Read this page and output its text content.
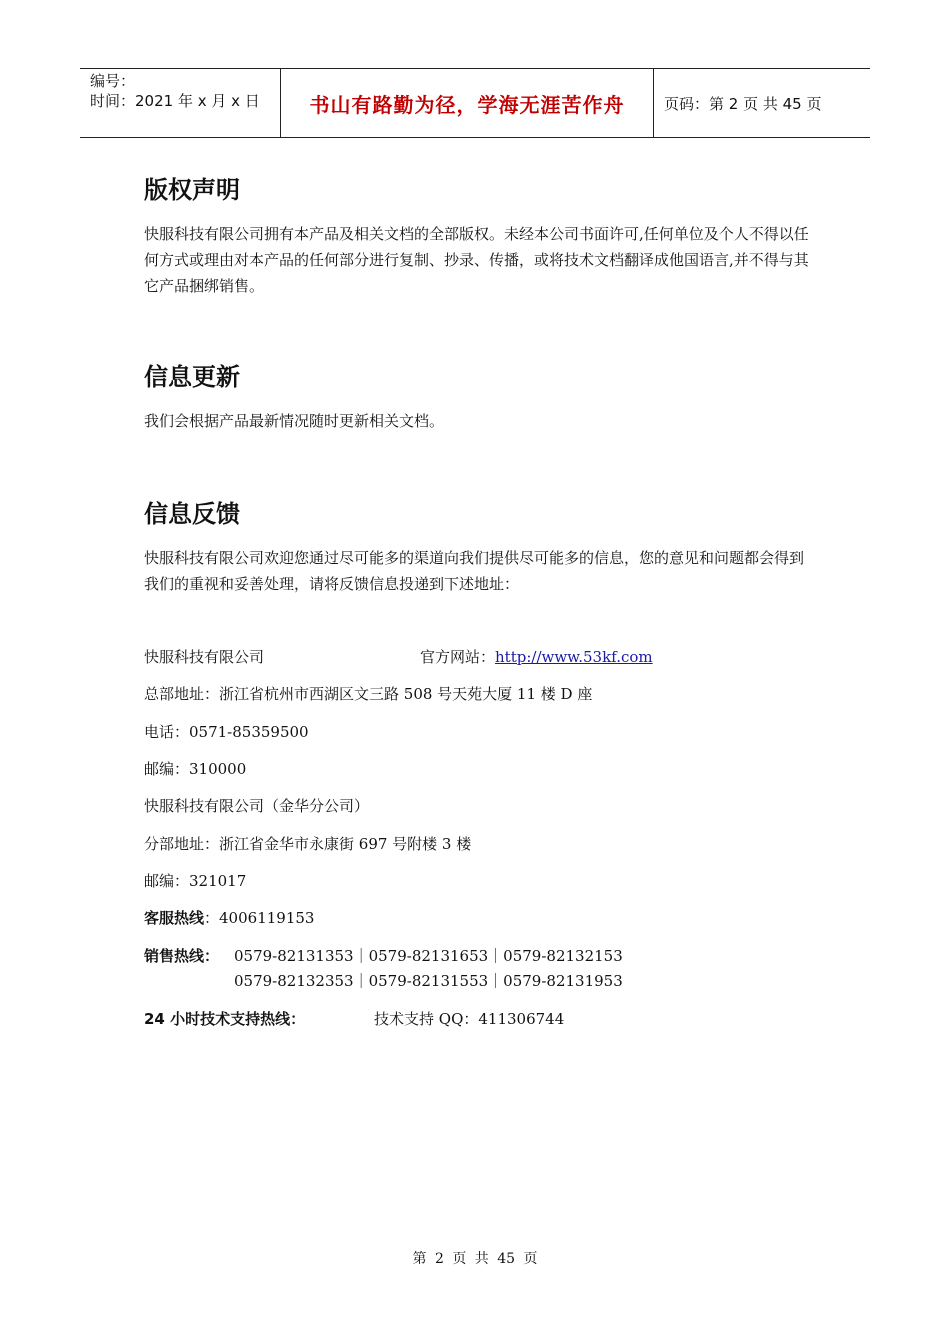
编号：
时间：2021 年 x 月 x 日	书山有路勤为径，学海无涯苦作舟	页码：第 2 页 共 45 页
版权声明

快服科技有限公司拥有本产品及相关文档的全部版权。未经本公司书面许可,任何单位及个人不得以任何方式或理由对本产品的任何部分进行复制、抄录、传播，或将技术文档翻译成他国语言,并不得与其它产品捆绑销售。

信息更新

我们会根据产品最新情况随时更新相关文档。

信息反馈

快服科技有限公司欢迎您通过尽可能多的渠道向我们提供尽可能多的信息，您的意见和问题都会得到我们的重视和妥善处理，请将反馈信息投递到下述地址：

快服科技有限公司	官方网站：http://www.53kf.com
总部地址：浙江省杭州市西湖区文三路 508 号天苑大厦 11 楼 D 座
电话：0571-85359500
邮编：310000
快服科技有限公司（金华分公司）
分部地址：浙江省金华市永康街 697 号附楼 3 楼
邮编：321017
客服热线：4006119153
销售热线： 0579-82131353｜0579-82131653｜0579-82132153
0579-82132353｜0579-82131553｜0579-82131953
24 小时技术支持热线：	技术支持 QQ：411306744
第 2 页 共 45 页
